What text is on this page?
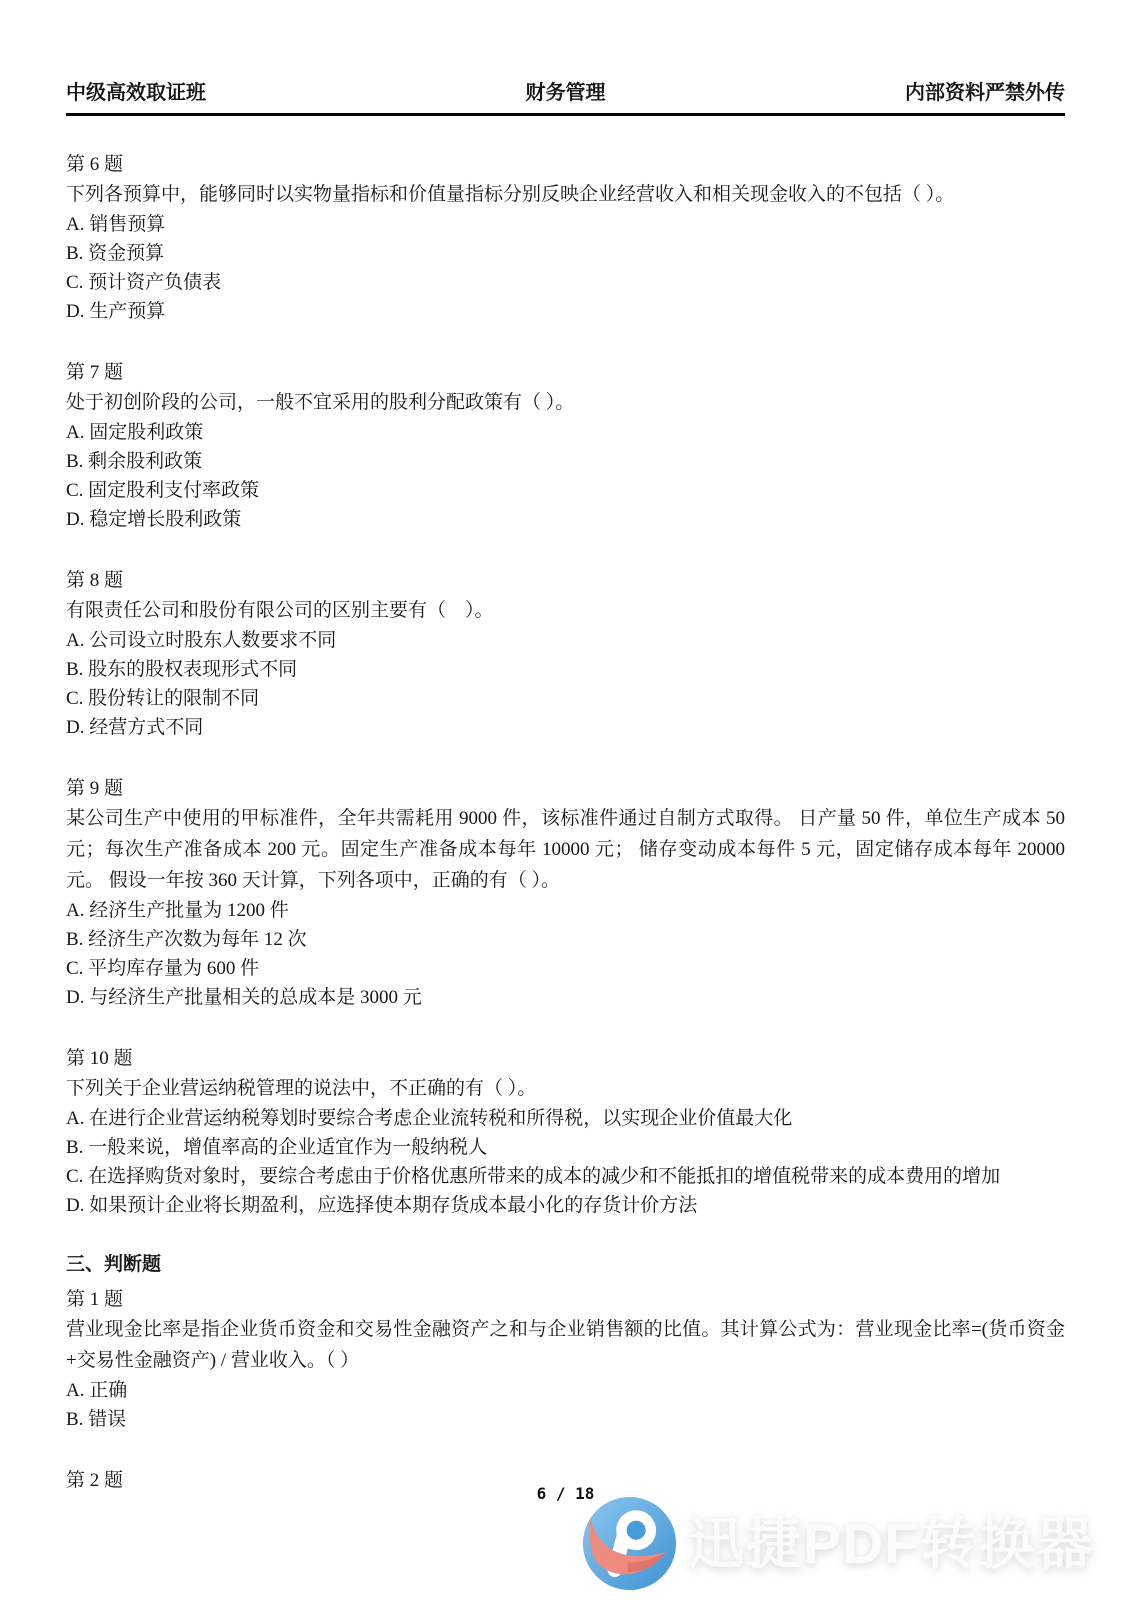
中级高效取证班	财务管理	内部资料严禁外传
第 6 题
下列各预算中，能够同时以实物量指标和价值量指标分别反映企业经营收入和相关现金收入的不包括（ ）。
A. 销售预算
B. 资金预算
C. 预计资产负债表
D. 生产预算
第 7 题
处于初创阶段的公司，一般不宜采用的股利分配政策有（ ）。
A. 固定股利政策
B. 剩余股利政策
C. 固定股利支付率政策
D. 稳定增长股利政策
第 8 题
有限责任公司和股份有限公司的区别主要有（　）。
A. 公司设立时股东人数要求不同
B. 股东的股权表现形式不同
C. 股份转让的限制不同
D. 经营方式不同
第 9 题
某公司生产中使用的甲标准件，全年共需耗用 9000 件，该标准件通过自制方式取得。 日产量 50 件，单位生产成本 50 元；每次生产准备成本 200 元。固定生产准备成本每年 10000 元； 储存变动成本每件 5 元，固定储存成本每年 20000 元。 假设一年按 360 天计算，下列各项中，正确的有（ ）。
A. 经济生产批量为 1200 件
B. 经济生产次数为每年 12 次
C. 平均库存量为 600 件
D. 与经济生产批量相关的总成本是 3000 元
第 10 题
下列关于企业营运纳税管理的说法中，不正确的有（ ）。
A. 在进行企业营运纳税筹划时要综合考虑企业流转税和所得税，以实现企业价值最大化
B. 一般来说，增值率高的企业适宜作为一般纳税人
C. 在选择购货对象时，要综合考虑由于价格优惠所带来的成本的减少和不能抵扣的增值税带来的成本费用的增加
D. 如果预计企业将长期盈利，应选择使本期存货成本最小化的存货计价方法
三、判断题
第 1 题
营业现金比率是指企业货币资金和交易性金融资产之和与企业销售额的比值。其计算公式为：营业现金比率=(货币资金+交易性金融资产) / 营业收入。（ ）
A. 正确
B. 错误
第 2 题
6 / 18
迅捷PDF转换器
